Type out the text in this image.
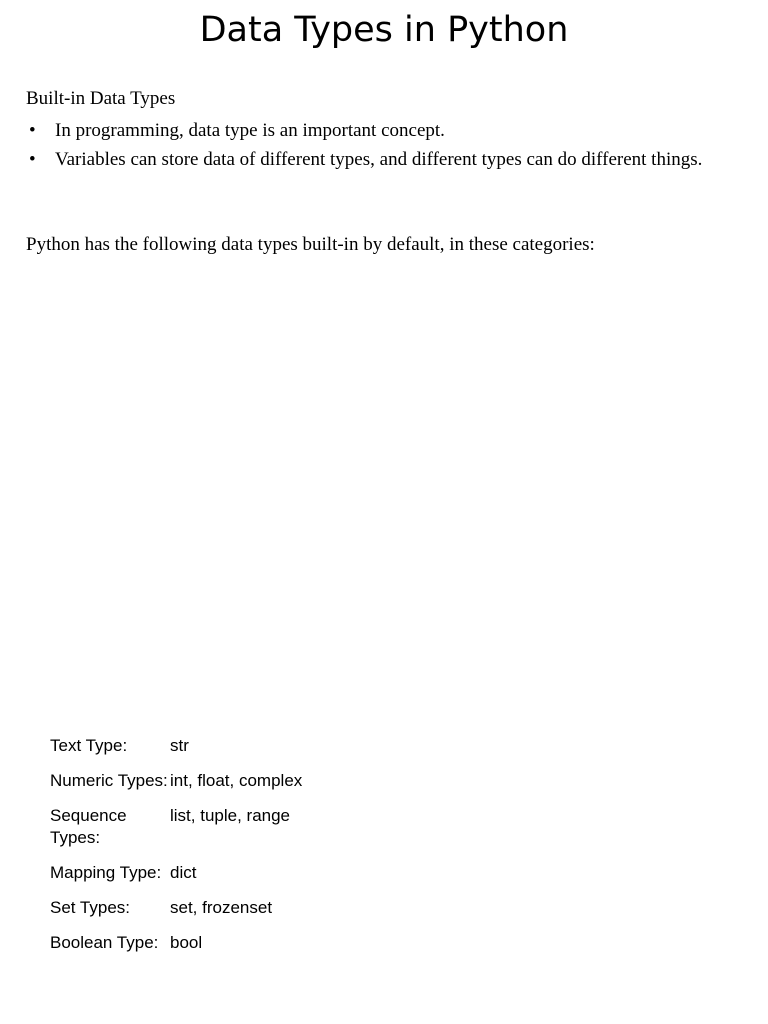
Data Types in Python

Built-in Data Types

• In programming, data type is an important concept.
• Variables can store data of different types, and different types can do different things.

Python has the following data types built-in by default, in these categories:

Text Type:	str
Numeric Types:	int, float, complex
Sequence Types:	list, tuple, range
Mapping Type:	dict
Set Types:	set, frozenset
Boolean Type:	bool
